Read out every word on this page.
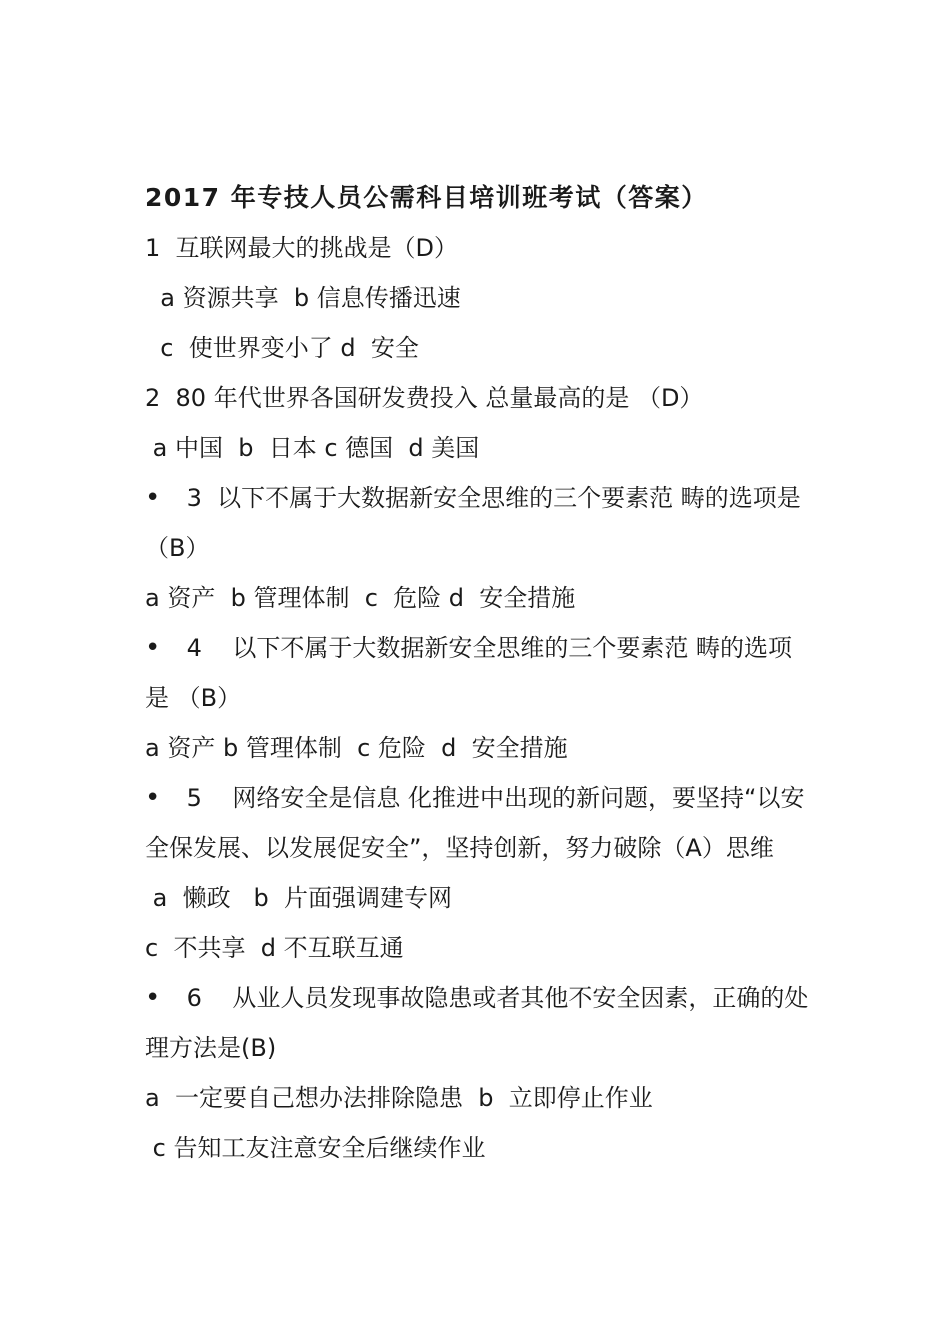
2017 年专技人员公需科目培训班考试（答案）
1  互联网最大的挑战是（D）
a 资源共享  b 信息传播迅速
c  使世界变小了 d  安全
2  80 年代世界各国研发费投入 总量最高的是 （D）
a 中国  b  日本 c 德国  d 美国
• 3  以下不属于大数据新安全思维的三个要素范 畴的选项是 （B）
a 资产  b 管理体制  c  危险 d  安全措施
• 4    以下不属于大数据新安全思维的三个要素范 畴的选项是 （B）
a 资产 b 管理体制  c 危险  d  安全措施
• 5    网络安全是信息 化推进中出现的新问题，要坚持“以安全保发展、以发展促安全”，坚持创新，努力破除（A）思维
a  懒政   b  片面强调建专网
c  不共享  d 不互联互通
• 6    从业人员发现事故隐患或者其他不安全因素，正确的处理方法是(B)
a  一定要自己想办法排除隐患  b  立即停止作业
c 告知工友注意安全后继续作业
